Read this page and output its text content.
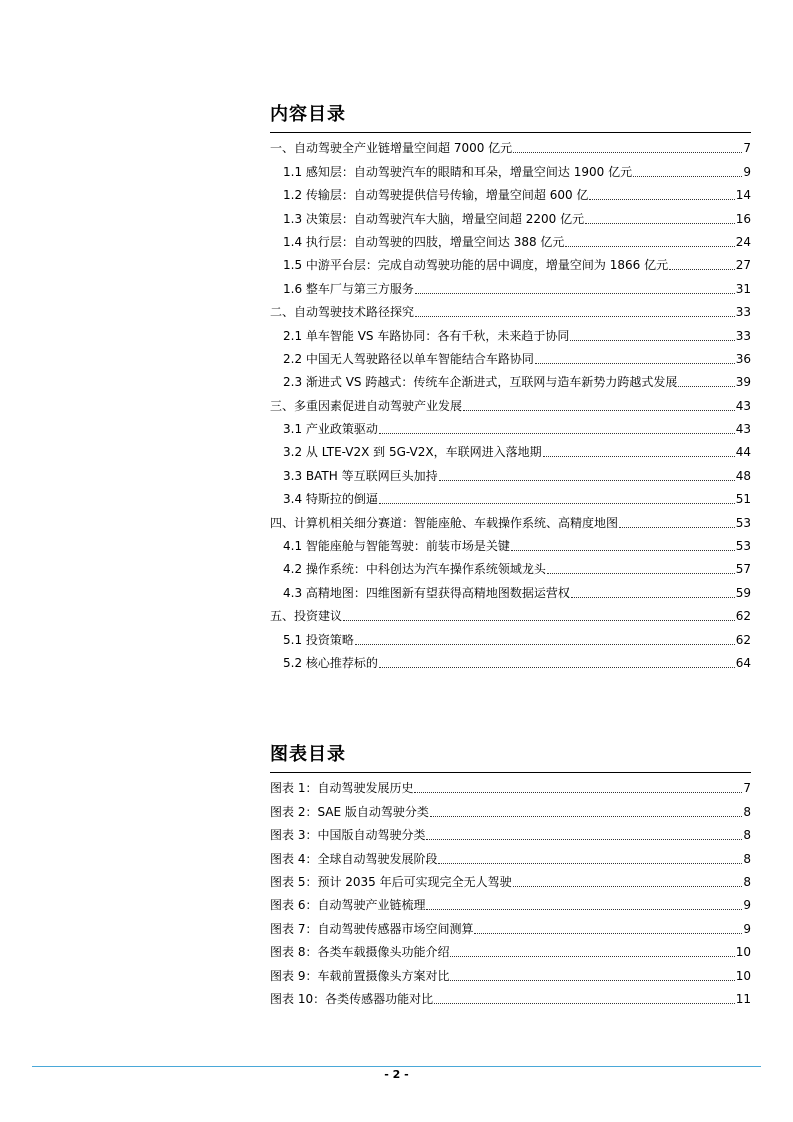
内容目录
一、自动驾驶全产业链增量空间超 7000 亿元	7
1.1 感知层：自动驾驶汽车的眼睛和耳朵，增量空间达 1900 亿元	9
1.2 传输层：自动驾驶提供信号传输，增量空间超 600 亿	14
1.3 决策层：自动驾驶汽车大脑，增量空间超 2200 亿元	16
1.4 执行层：自动驾驶的四肢，增量空间达 388 亿元	24
1.5 中游平台层：完成自动驾驶功能的居中调度，增量空间为 1866 亿元	27
1.6 整车厂与第三方服务	31
二、自动驾驶技术路径探究	33
2.1 单车智能 VS 车路协同：各有千秋，未来趋于协同	33
2.2 中国无人驾驶路径以单车智能结合车路协同	36
2.3 渐进式 VS 跨越式：传统车企渐进式，互联网与造车新势力跨越式发展	39
三、多重因素促进自动驾驶产业发展	43
3.1 产业政策驱动	43
3.2 从 LTE-V2X 到 5G-V2X，车联网进入落地期	44
3.3 BATH 等互联网巨头加持	48
3.4 特斯拉的倒逼	51
四、计算机相关细分赛道：智能座舱、车载操作系统、高精度地图	53
4.1 智能座舱与智能驾驶：前装市场是关键	53
4.2 操作系统：中科创达为汽车操作系统领域龙头	57
4.3 高精地图：四维图新有望获得高精地图数据运营权	59
五、投资建议	62
5.1 投资策略	62
5.2 核心推荐标的	64
图表目录
图表 1：自动驾驶发展历史	7
图表 2：SAE 版自动驾驶分类	8
图表 3：中国版自动驾驶分类	8
图表 4：全球自动驾驶发展阶段	8
图表 5：预计 2035 年后可实现完全无人驾驶	8
图表 6：自动驾驶产业链梳理	9
图表 7：自动驾驶传感器市场空间测算	9
图表 8：各类车载摄像头功能介绍	10
图表 9：车载前置摄像头方案对比	10
图表 10：各类传感器功能对比	11
- 2 -
